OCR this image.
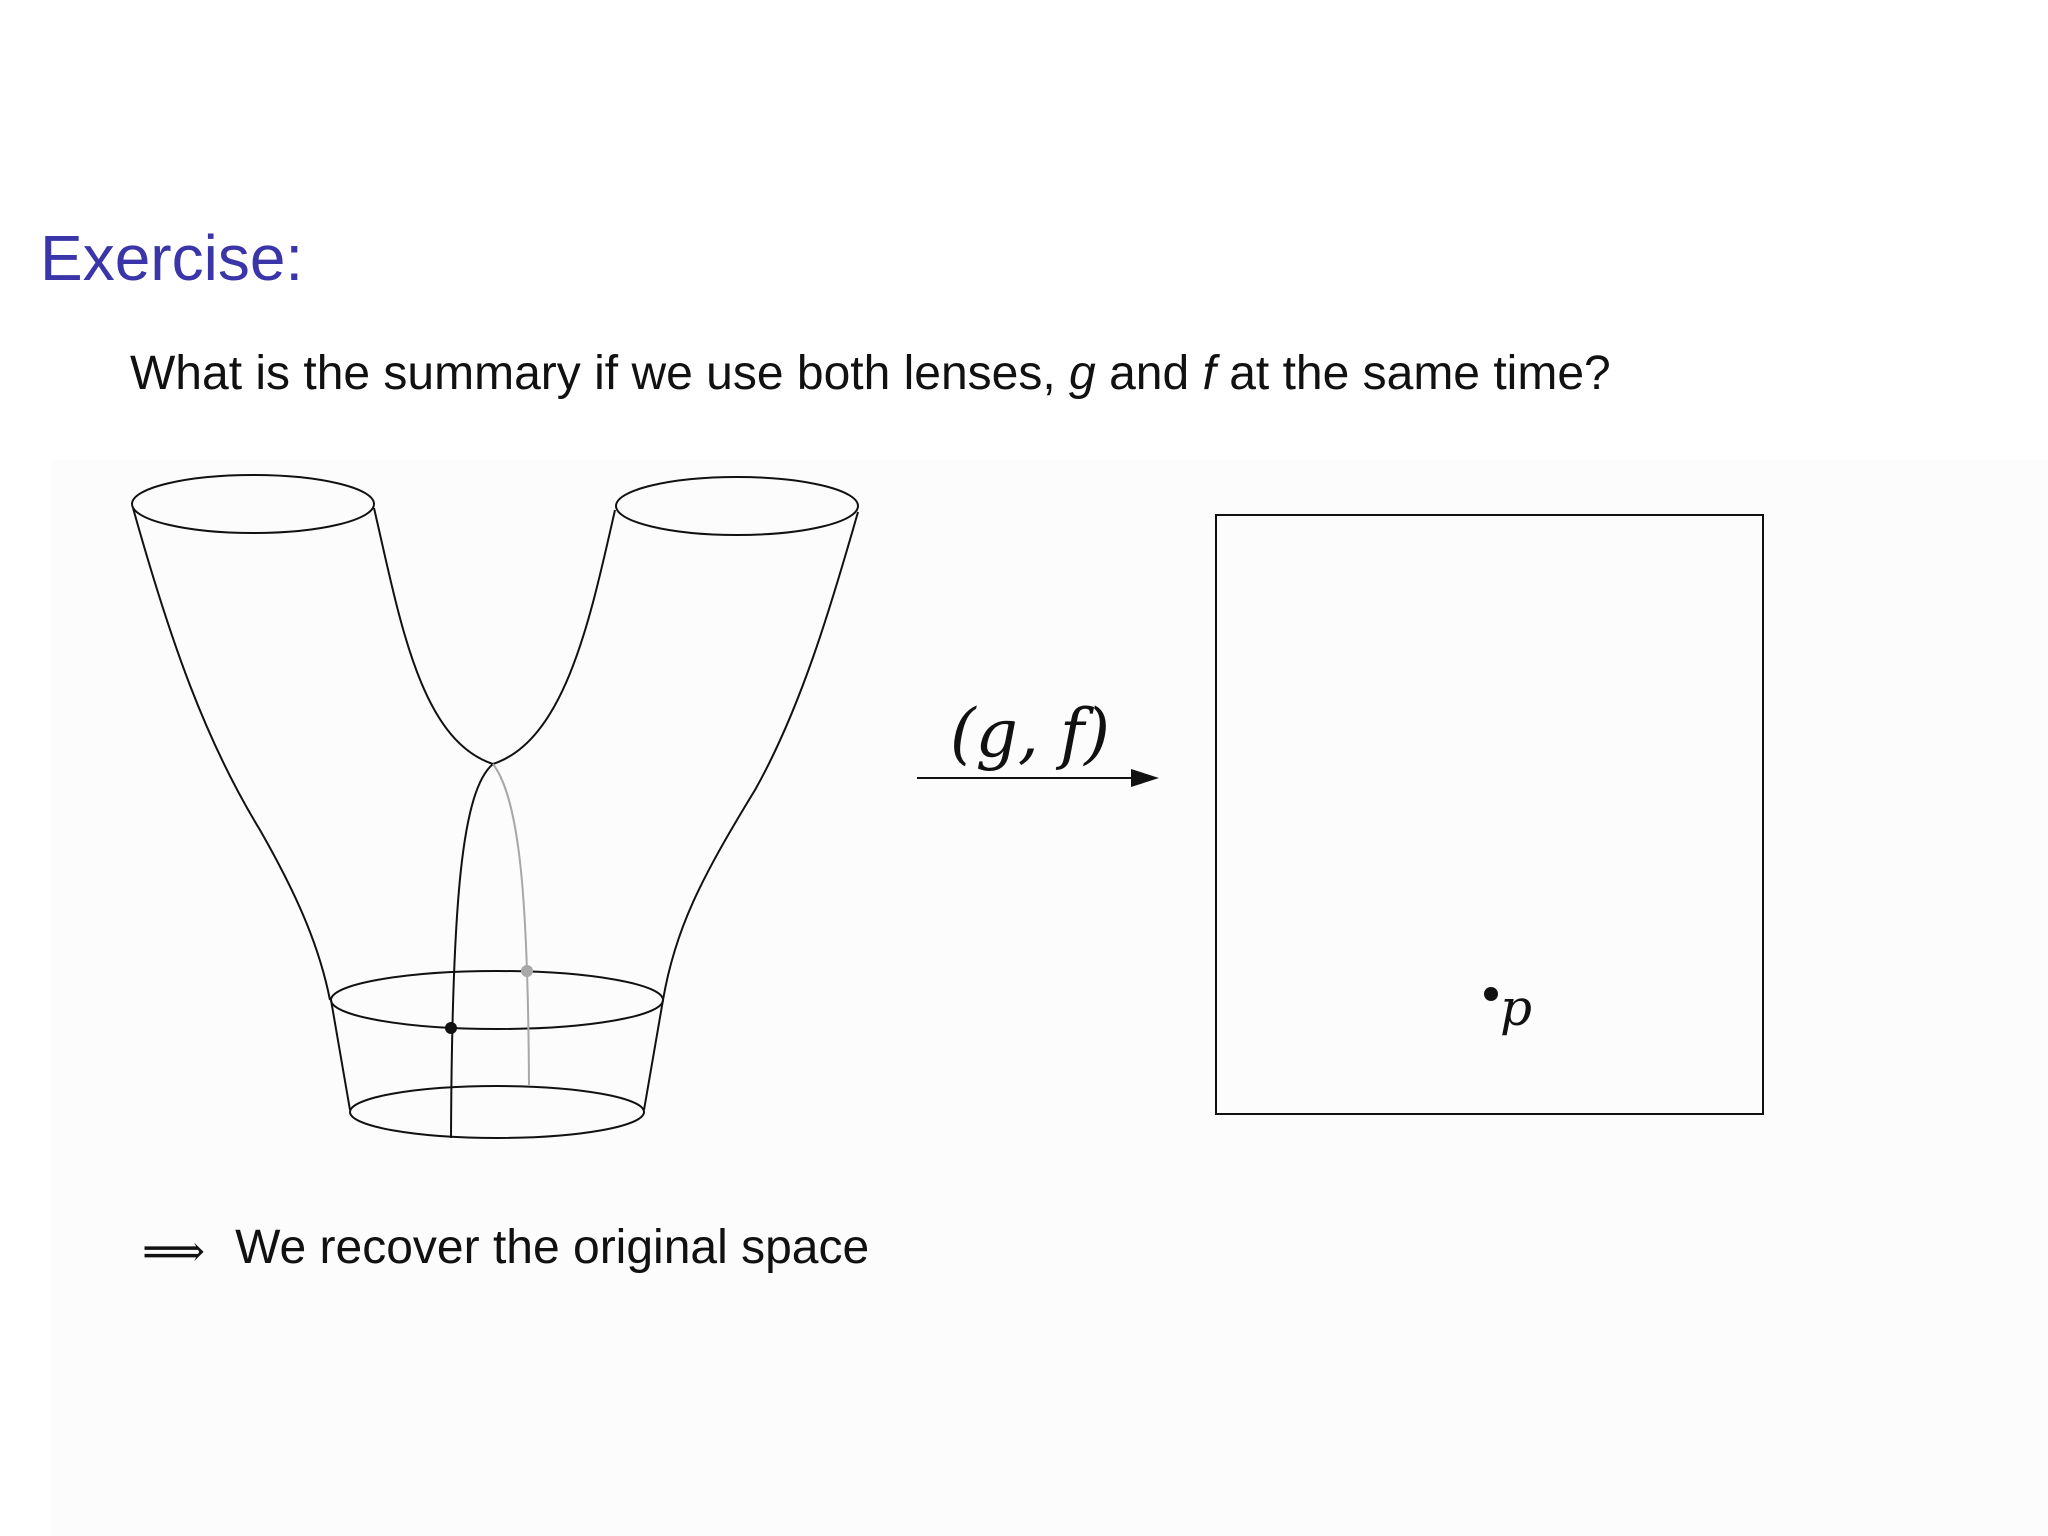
Exercise:
What is the summary if we use both lenses, g and f at the same time?
(g, f)
p
⟹ We recover the original space
